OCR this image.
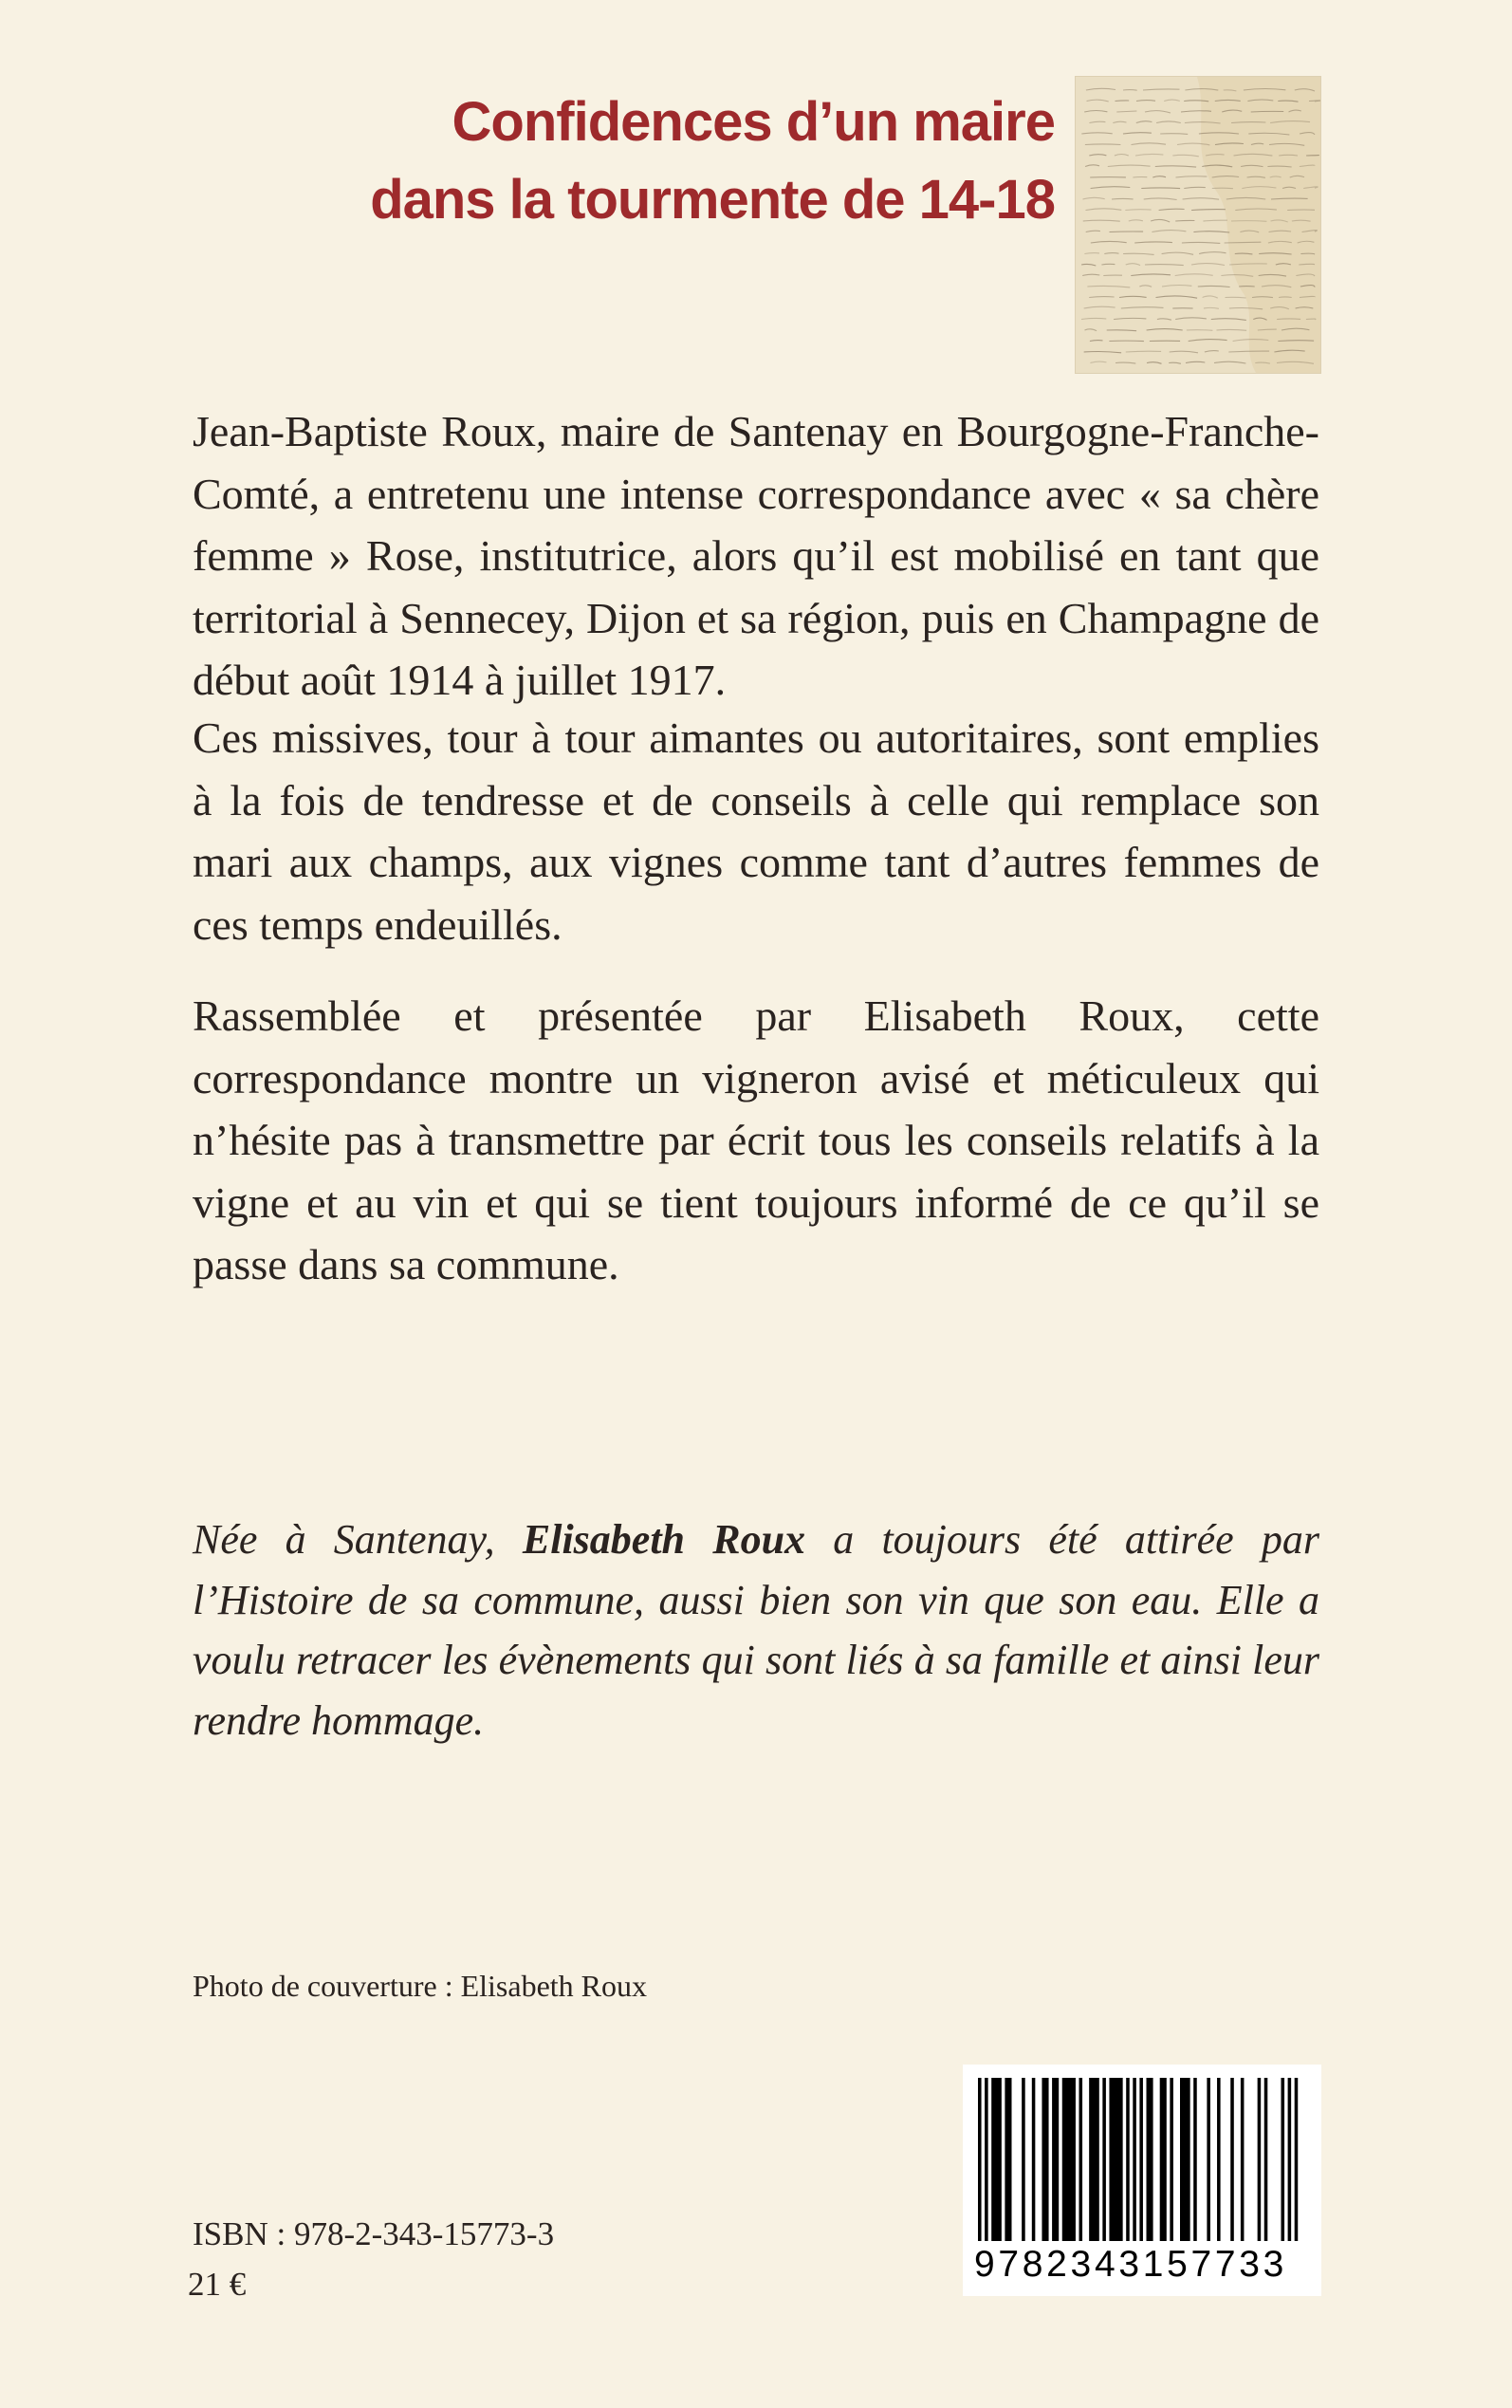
Confidences d’un maire
dans la tourmente de 14-18

Jean-Baptiste Roux, maire de Santenay en Bourgogne-Franche-Comté, a entretenu une intense correspondance avec « sa chère femme » Rose, institutrice, alors qu’il est mobilisé en tant que territorial à Sennecey, Dijon et sa région, puis en Champagne de début août 1914 à juillet 1917.

Ces missives, tour à tour aimantes ou autoritaires, sont emplies à la fois de tendresse et de conseils à celle qui remplace son mari aux champs, aux vignes comme tant d’autres femmes de ces temps endeuillés.

Rassemblée et présentée par Elisabeth Roux, cette correspondance montre un vigneron avisé et méticuleux qui n’hésite pas à transmettre par écrit tous les conseils relatifs à la vigne et au vin et qui se tient toujours informé de ce qu’il se passe dans sa commune.

Née à Santenay, Elisabeth Roux a toujours été attirée par l’Histoire de sa commune, aussi bien son vin que son eau. Elle a voulu retracer les évènements qui sont liés à sa famille et ainsi leur rendre hommage.

Photo de couverture : Elisabeth Roux
ISBN : 978-2-343-15773-3
21 €	9782343157733
